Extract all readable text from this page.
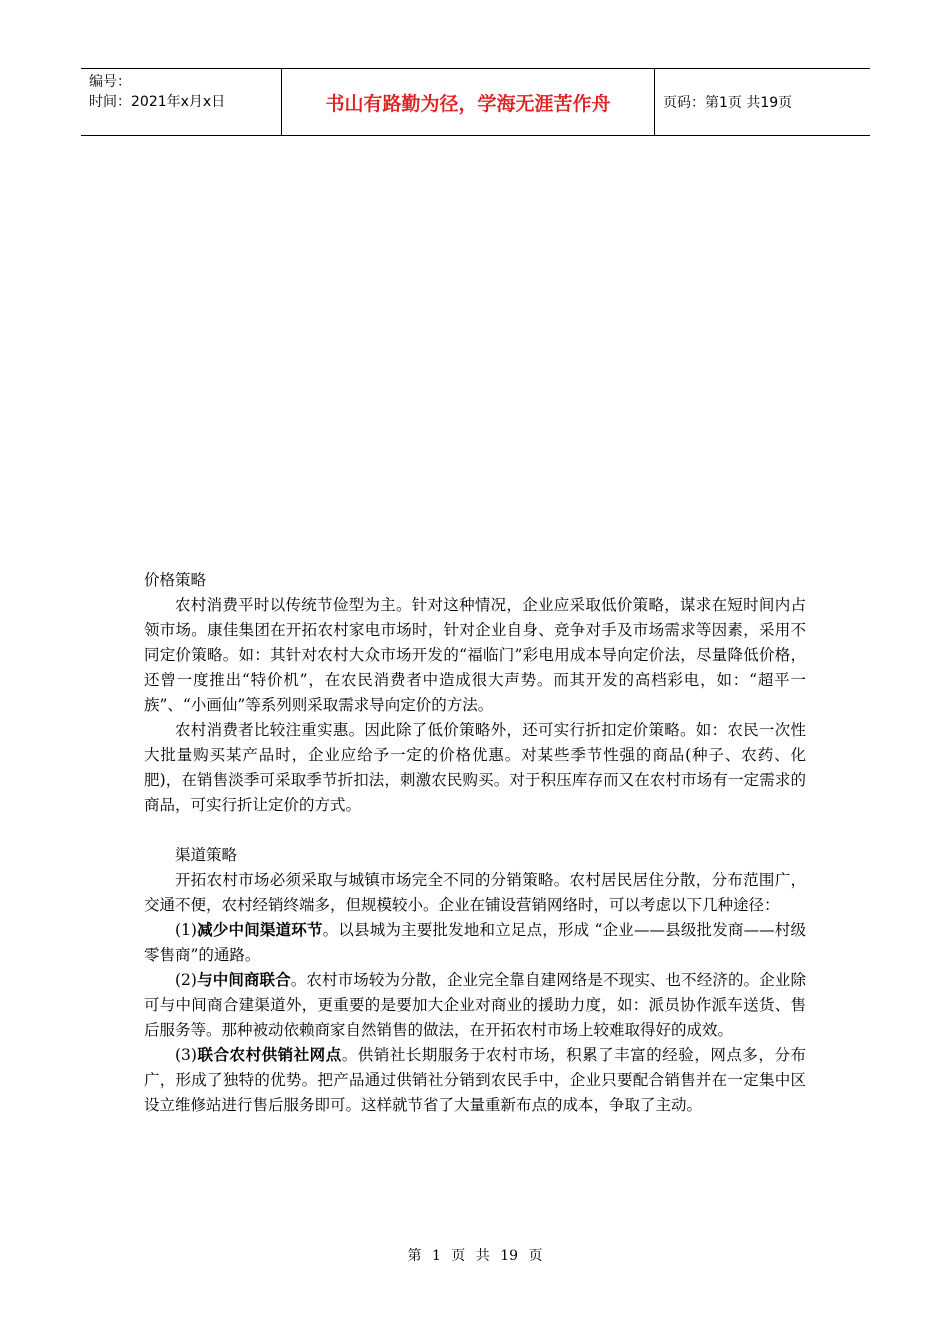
编号：
时间：2021年x月x日	书山有路勤为径，学海无涯苦作舟	页码：第1页 共19页

价格策略

农村消费平时以传统节俭型为主。针对这种情况，企业应采取低价策略，谋求在短时间内占领市场。康佳集团在开拓农村家电市场时，针对企业自身、竞争对手及市场需求等因素，采用不同定价策略。如：其针对农村大众市场开发的“福临门”彩电用成本导向定价法，尽量降低价格，还曾一度推出“特价机”，在农民消费者中造成很大声势。而其开发的高档彩电，如：“超平一族”、“小画仙”等系列则采取需求导向定价的方法。

农村消费者比较注重实惠。因此除了低价策略外，还可实行折扣定价策略。如：农民一次性大批量购买某产品时，企业应给予一定的价格优惠。对某些季节性强的商品(种子、农药、化肥)，在销售淡季可采取季节折扣法，刺激农民购买。对于积压库存而又在农村市场有一定需求的商品，可实行折让定价的方式。

渠道策略

开拓农村市场必须采取与城镇市场完全不同的分销策略。农村居民居住分散，分布范围广，交通不便，农村经销终端多，但规模较小。企业在铺设营销网络时，可以考虑以下几种途径：

(1)减少中间渠道环节。以县城为主要批发地和立足点，形成 “企业——县级批发商——村级零售商”的通路。

(2)与中间商联合。农村市场较为分散，企业完全靠自建网络是不现实、也不经济的。企业除可与中间商合建渠道外，更重要的是要加大企业对商业的援助力度，如：派员协作派车送货、售后服务等。那种被动依赖商家自然销售的做法，在开拓农村市场上较难取得好的成效。

(3)联合农村供销社网点。供销社长期服务于农村市场，积累了丰富的经验，网点多，分布广，形成了独特的优势。把产品通过供销社分销到农民手中，企业只要配合销售并在一定集中区设立维修站进行售后服务即可。这样就节省了大量重新布点的成本，争取了主动。

第 1 页 共 19 页
